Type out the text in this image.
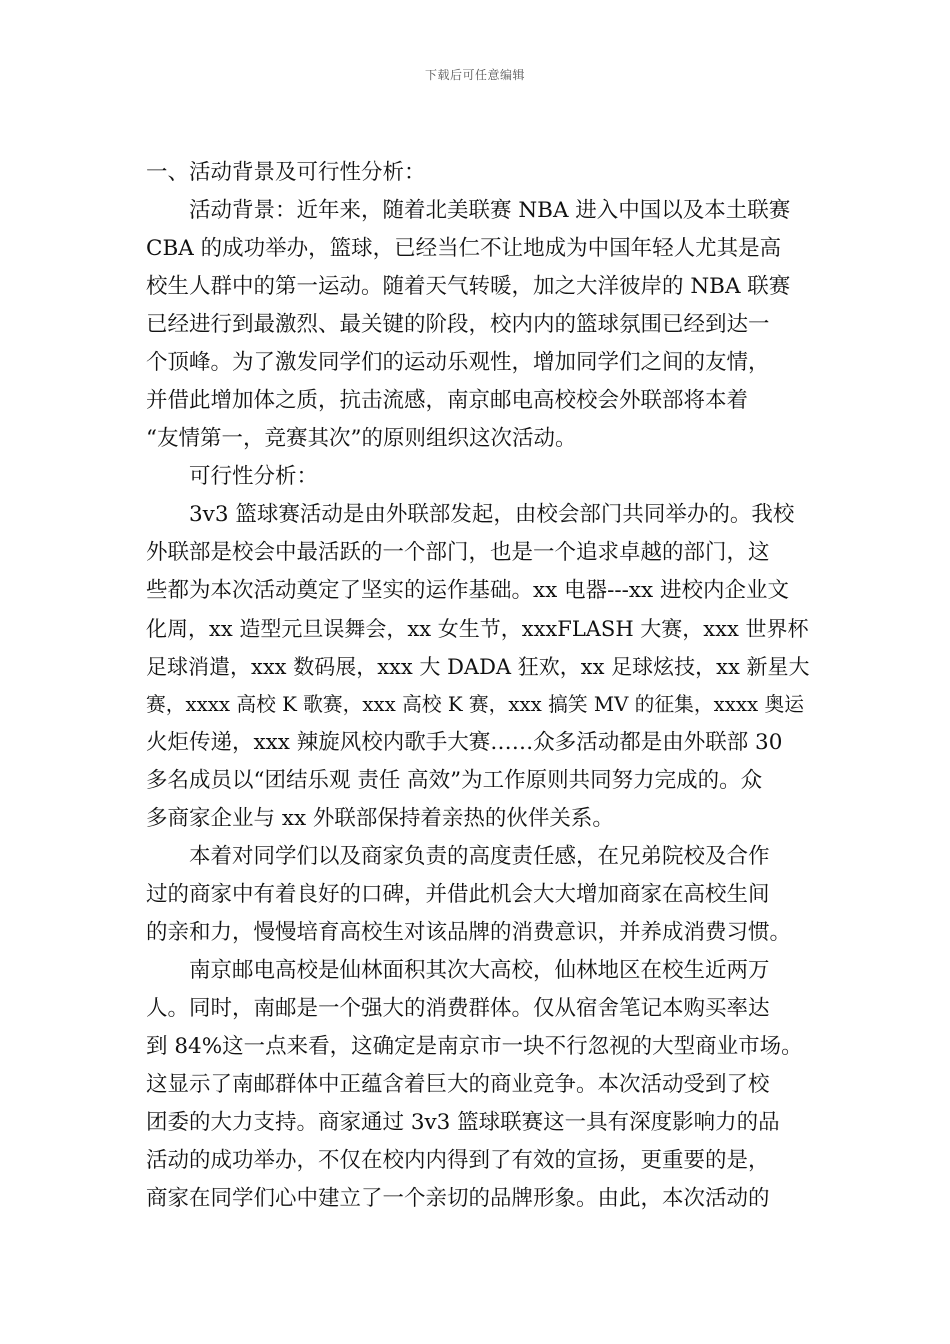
下载后可任意编辑
一、活动背景及可行性分析：
活动背景：近年来，随着北美联赛 NBA 进入中国以及本土联赛
CBA 的成功举办，篮球，已经当仁不让地成为中国年轻人尤其是高
校生人群中的第一运动。随着天气转暖，加之大洋彼岸的 NBA 联赛
已经进行到最激烈、最关键的阶段，校内内的篮球氛围已经到达一
个顶峰。为了激发同学们的运动乐观性，增加同学们之间的友情，
并借此增加体之质，抗击流感，南京邮电高校校会外联部将本着
“友情第一，竞赛其次”的原则组织这次活动。
可行性分析：
3v3 篮球赛活动是由外联部发起，由校会部门共同举办的。我校
外联部是校会中最活跃的一个部门，也是一个追求卓越的部门，这
些都为本次活动奠定了坚实的运作基础。xx 电器---xx 进校内企业文
化周，xx 造型元旦误舞会，xx 女生节，xxxFLASH 大赛，xxx 世界杯
足球消遣，xxx 数码展，xxx 大 DADA 狂欢，xx 足球炫技，xx 新星大
赛，xxxx 高校 K 歌赛，xxx 高校 K 赛，xxx 搞笑 MV 的征集，xxxx 奥运
火炬传递，xxx 辣旋风校内歌手大赛……众多活动都是由外联部 30
多名成员以“团结乐观 责任 高效”为工作原则共同努力完成的。众
多商家企业与 xx 外联部保持着亲热的伙伴关系。
本着对同学们以及商家负责的高度责任感，在兄弟院校及合作
过的商家中有着良好的口碑，并借此机会大大增加商家在高校生间
的亲和力，慢慢培育高校生对该品牌的消费意识，并养成消费习惯。
南京邮电高校是仙林面积其次大高校，仙林地区在校生近两万
人。同时，南邮是一个强大的消费群体。仅从宿舍笔记本购买率达
到 84%这一点来看，这确定是南京市一块不行忽视的大型商业市场。
这显示了南邮群体中正蕴含着巨大的商业竞争。本次活动受到了校
团委的大力支持。商家通过 3v3 篮球联赛这一具有深度影响力的品
活动的成功举办，不仅在校内内得到了有效的宣扬，更重要的是，
商家在同学们心中建立了一个亲切的品牌形象。由此，本次活动的
